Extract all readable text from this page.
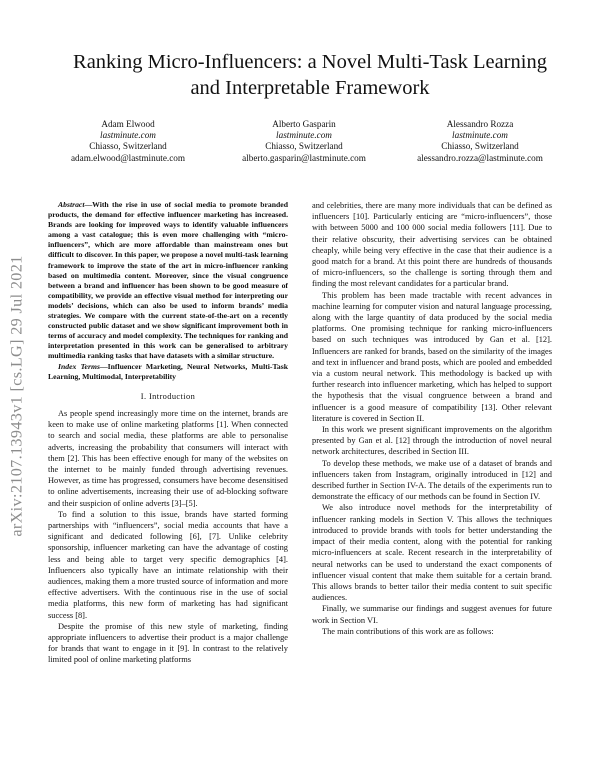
arXiv:2107.13943v1 [cs.LG] 29 Jul 2021
Ranking Micro-Influencers: a Novel Multi-Task Learning and Interpretable Framework
Adam Elwood
lastminute.com
Chiasso, Switzerland
adam.elwood@lastminute.com
Alberto Gasparin
lastminute.com
Chiasso, Switzerland
alberto.gasparin@lastminute.com
Alessandro Rozza
lastminute.com
Chiasso, Switzerland
alessandro.rozza@lastminute.com

Abstract—With the rise in use of social media to promote branded products, the demand for effective influencer marketing has increased. Brands are looking for improved ways to identify valuable influencers among a vast catalogue; this is even more challenging with “micro-influencers”, which are more affordable than mainstream ones but difficult to discover. In this paper, we propose a novel multi-task learning framework to improve the state of the art in micro-influencer ranking based on multimedia content. Moreover, since the visual congruence between a brand and influencer has been shown to be good measure of compatibility, we provide an effective visual method for interpreting our models’ decisions, which can also be used to inform brands’ media strategies. We compare with the current state-of-the-art on a recently constructed public dataset and we show significant improvement both in terms of accuracy and model complexity. The techniques for ranking and interpretation presented in this work can be generalised to arbitrary multimedia ranking tasks that have datasets with a similar structure.

Index Terms—Influencer Marketing, Neural Networks, Multi-Task Learning, Multimodal, Interpretability

I. Introduction

As people spend increasingly more time on the internet, brands are keen to make use of online marketing platforms [1]. When connected to search and social media, these platforms are able to personalise adverts, increasing the probability that consumers will interact with them [2]. This has been effective enough for many of the websites on the internet to be mainly funded through advertising revenues. However, as time has progressed, consumers have become desensitised to online advertisements, increasing their use of ad-blocking software and their suspicion of online adverts [3]–[5].

To find a solution to this issue, brands have started forming partnerships with “influencers”, social media accounts that have a significant and dedicated following [6], [7]. Unlike celebrity sponsorship, influencer marketing can have the advantage of costing less and being able to target very specific demographics [4]. Influencers also typically have an intimate relationship with their audiences, making them a more trusted source of information and more effective advertisers. With the continuous rise in the use of social media platforms, this new form of marketing has had significant success [8].

Despite the promise of this new style of marketing, finding appropriate influencers to advertise their product is a major challenge for brands that want to engage in it [9]. In contrast to the relatively limited pool of online marketing platforms

and celebrities, there are many more individuals that can be defined as influencers [10]. Particularly enticing are “micro-influencers”, those with between 5000 and 100 000 social media followers [11]. Due to their relative obscurity, their advertising services can be obtained cheaply, while being very effective in the case that their audience is a good match for a brand. At this point there are hundreds of thousands of micro-influencers, so the challenge is sorting through them and finding the most relevant candidates for a particular brand.

This problem has been made tractable with recent advances in machine learning for computer vision and natural language processing, along with the large quantity of data produced by the social media platforms. One promising technique for ranking micro-influencers based on such techniques was introduced by Gan et al. [12]. Influencers are ranked for brands, based on the similarity of the images and text in influencer and brand posts, which are pooled and embedded via a custom neural network. This methodology is backed up with further research into influencer marketing, which has helped to support the hypothesis that the visual congruence between a brand and influencer is a good measure of compatibility [13]. Other relevant literature is covered in Section II.

In this work we present significant improvements on the algorithm presented by Gan et al. [12] through the introduction of novel neural network architectures, described in Section III.

To develop these methods, we make use of a dataset of brands and influencers taken from Instagram, originally introduced in [12] and described further in Section IV-A. The details of the experiments run to demonstrate the efficacy of our methods can be found in Section IV.

We also introduce novel methods for the interpretability of influencer ranking models in Section V. This allows the techniques introduced to provide brands with tools for better understanding the impact of their media content, along with the potential for ranking micro-influencers at scale. Recent research in the interpretability of neural networks can be used to understand the exact components of influencer visual content that make them suitable for a certain brand. This allows brands to better tailor their media content to suit specific audiences.

Finally, we summarise our findings and suggest avenues for future work in Section VI.

The main contributions of this work are as follows:
